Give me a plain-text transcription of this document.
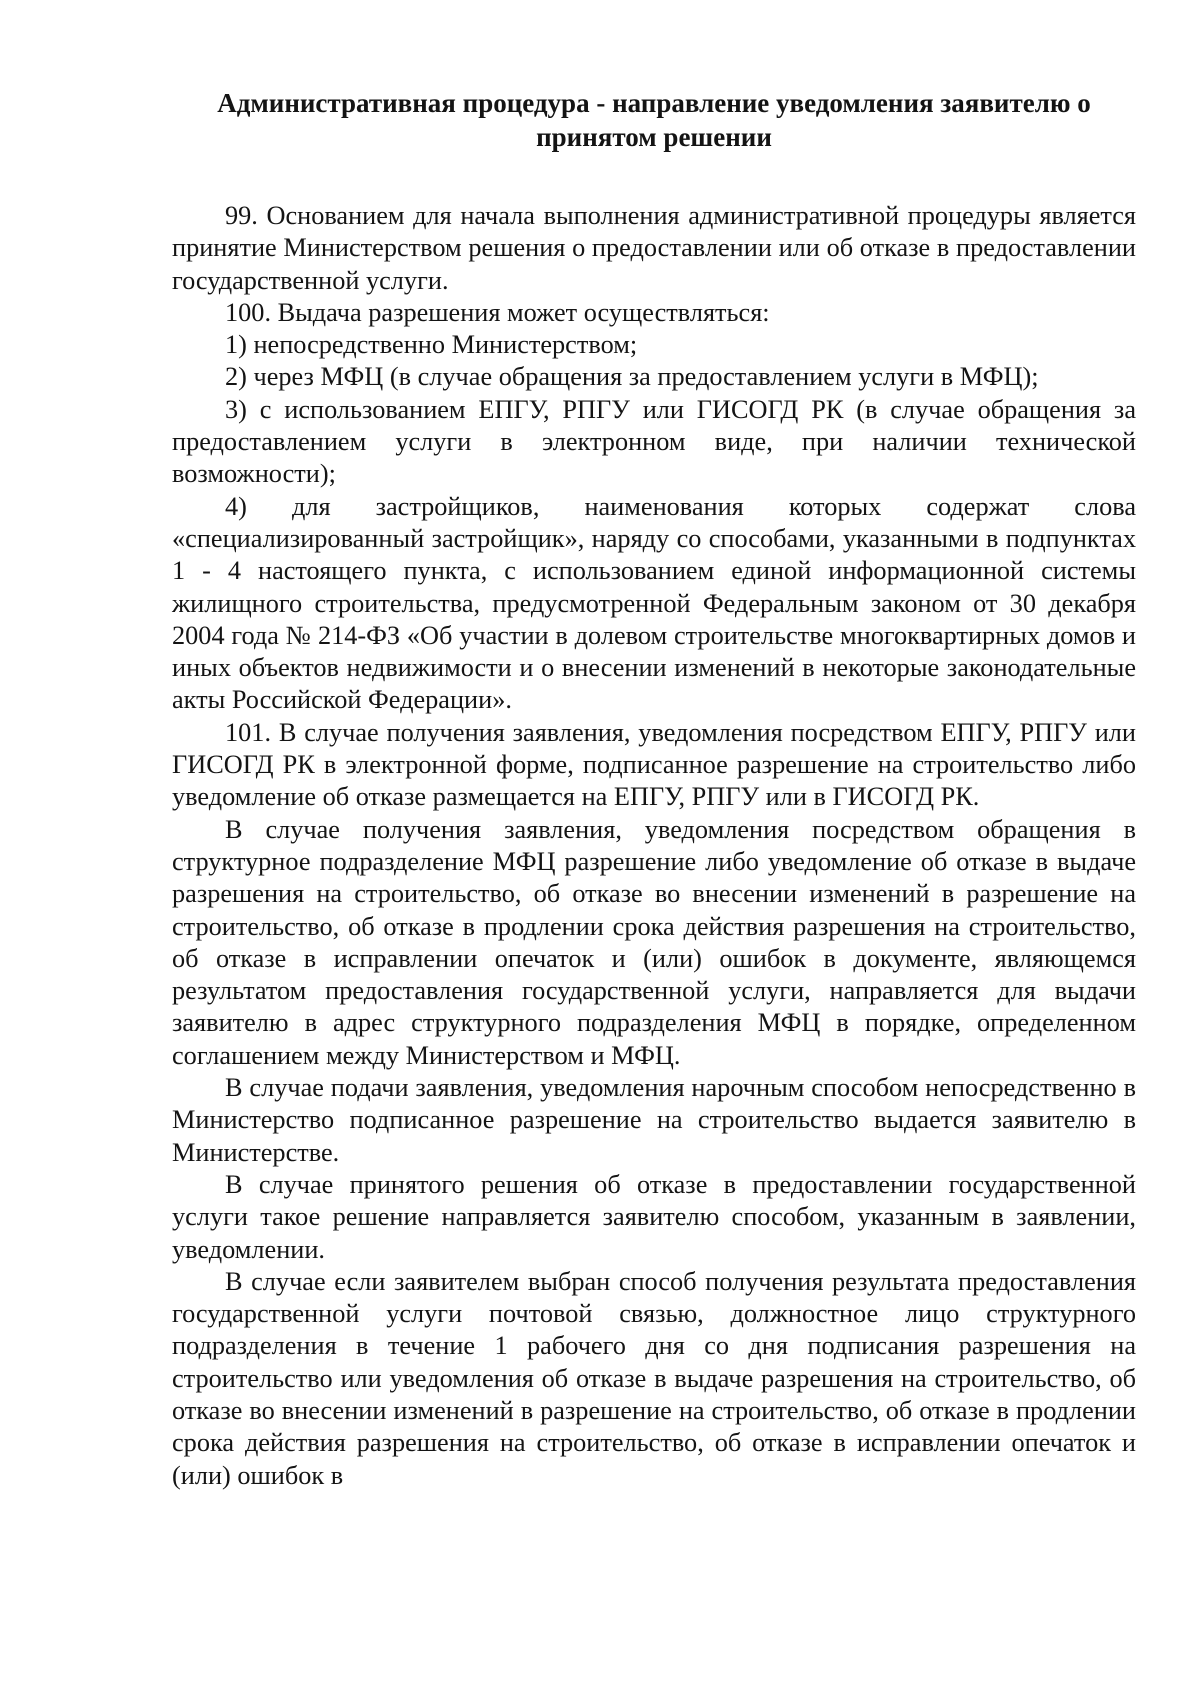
Административная процедура - направление уведомления заявителю о
принятом решении

99. Основанием для начала выполнения административной процедуры является принятие Министерством решения о предоставлении или об отказе в предоставлении государственной услуги.

100. Выдача разрешения может осуществляться:

1) непосредственно Министерством;

2) через МФЦ (в случае обращения за предоставлением услуги в МФЦ);

3) с использованием ЕПГУ, РПГУ или ГИСОГД РК (в случае обращения за предоставлением услуги в электронном виде, при наличии технической возможности);

4) для застройщиков, наименования которых содержат слова «специализированный застройщик», наряду со способами, указанными в подпунктах 1 - 4 настоящего пункта, с использованием единой информационной системы жилищного строительства, предусмотренной Федеральным законом от 30 декабря 2004 года № 214-ФЗ «Об участии в долевом строительстве многоквартирных домов и иных объектов недвижимости и о внесении изменений в некоторые законодательные акты Российской Федерации».

101. В случае получения заявления, уведомления посредством ЕПГУ, РПГУ или ГИСОГД РК в электронной форме, подписанное разрешение на строительство либо уведомление об отказе размещается на ЕПГУ, РПГУ или в ГИСОГД РК.

В случае получения заявления, уведомления посредством обращения в структурное подразделение МФЦ разрешение либо уведомление об отказе в выдаче разрешения на строительство, об отказе во внесении изменений в разрешение на строительство, об отказе в продлении срока действия разрешения на строительство, об отказе в исправлении опечаток и (или) ошибок в документе, являющемся результатом предоставления государственной услуги, направляется для выдачи заявителю в адрес структурного подразделения МФЦ в порядке, определенном соглашением между Министерством и МФЦ.

В случае подачи заявления, уведомления нарочным способом непосредственно в Министерство подписанное разрешение на строительство выдается заявителю в Министерстве.

В случае принятого решения об отказе в предоставлении государственной услуги такое решение направляется заявителю способом, указанным в заявлении, уведомлении.

В случае если заявителем выбран способ получения результата предоставления государственной услуги почтовой связью, должностное лицо структурного подразделения в течение 1 рабочего дня со дня подписания разрешения на строительство или уведомления об отказе в выдаче разрешения на строительство, об отказе во внесении изменений в разрешение на строительство, об отказе в продлении срока действия разрешения на строительство, об отказе в исправлении опечаток и (или) ошибок в
